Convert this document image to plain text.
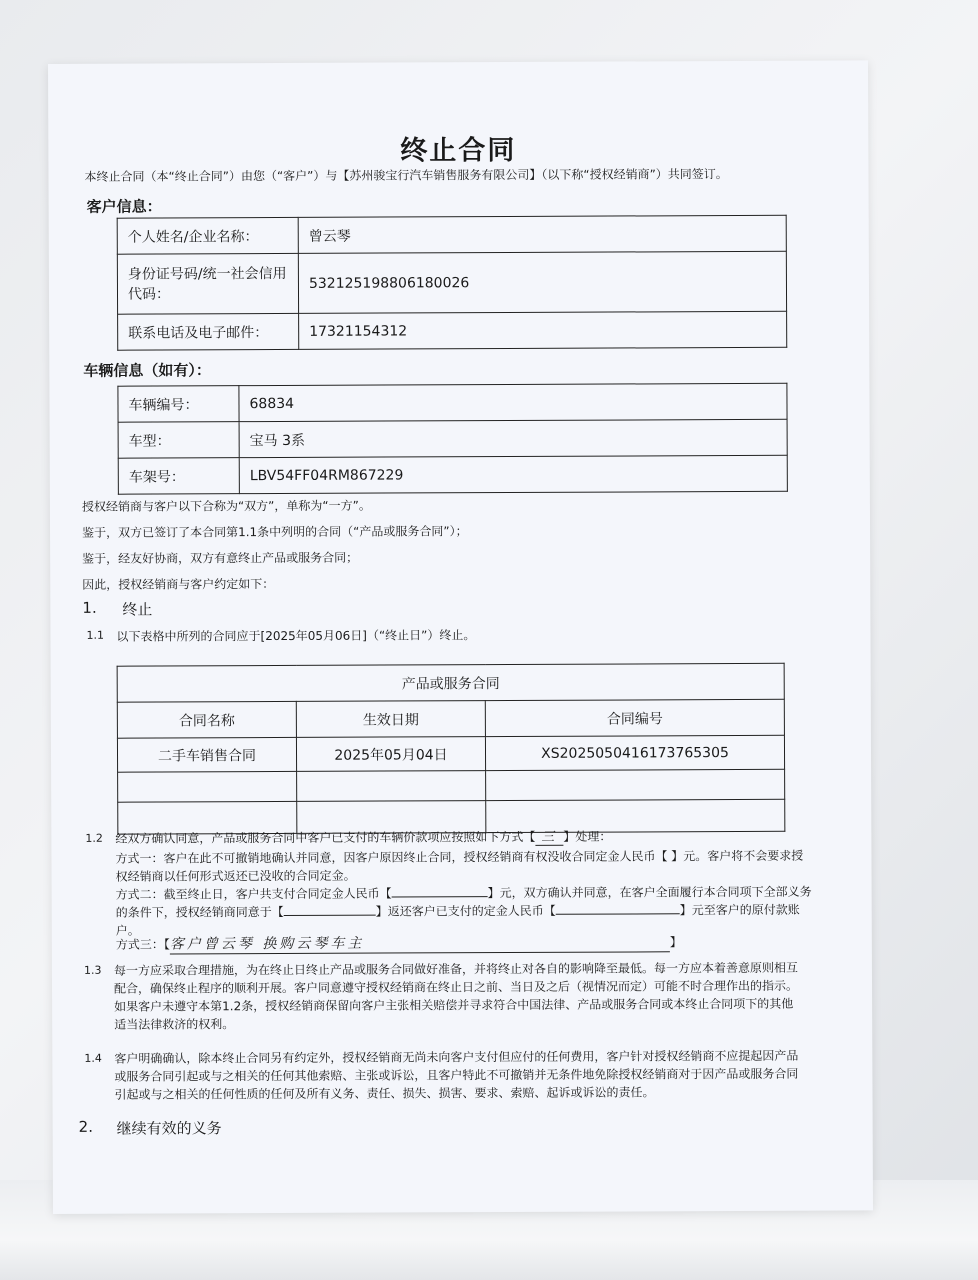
终止合同
本终止合同（本“终止合同”）由您（“客户”）与【苏州骏宝行汽车销售服务有限公司】（以下称“授权经销商”）共同签订。
客户信息：
个人姓名/企业名称：	曾云琴
身份证号码/统一社会信用代码：	532125198806180026
联系电话及电子邮件：	17321154312
车辆信息（如有）：
车辆编号：	68834
车型：	宝马 3系
车架号：	LBV54FF04RM867229
授权经销商与客户以下合称为“双方”，单称为“一方”。
鉴于，双方已签订了本合同第1.1条中列明的合同（“产品或服务合同”）；
鉴于，经友好协商，双方有意终止产品或服务合同；
因此，授权经销商与客户约定如下：
1. 终止
1.1 以下表格中所列的合同应于[2025年05月06日]（“终止日”）终止。
产品或服务合同		
合同名称	生效日期	合同编号
二手车销售合同	2025年05月04日	XS2025050416173765305

1.2 经双方确认同意，产品或服务合同中客户已支付的车辆价款项应按照如下方式【 三 】处理：
方式一：客户在此不可撤销地确认并同意，因客户原因终止合同，授权经销商有权没收合同定金人民币【 】元。客户将不会要求授
权经销商以任何形式返还已没收的合同定金。
方式二：截至终止日，客户共支付合同定金人民币【	】元，双方确认并同意，在客户全面履行本合同项下全部义务
的条件下，授权经销商同意于【	】返还客户已支付的定金人民币【	】元至客户的原付款账
户。
方式三：【客户曾云琴 换购云琴车主	】
1.3 每一方应采取合理措施，为在终止日终止产品或服务合同做好准备，并将终止对各自的影响降至最低。每一方应本着善意原则相互
配合，确保终止程序的顺利开展。客户同意遵守授权经销商在终止日之前、当日及之后（视情况而定）可能不时合理作出的指示。
如果客户未遵守本第1.2条，授权经销商保留向客户主张相关赔偿并寻求符合中国法律、产品或服务合同或本终止合同项下的其他
适当法律救济的权利。
1.4 客户明确确认，除本终止合同另有约定外，授权经销商无尚未向客户支付但应付的任何费用，客户针对授权经销商不应提起因产品
或服务合同引起或与之相关的任何其他索赔、主张或诉讼，且客户特此不可撤销并无条件地免除授权经销商对于因产品或服务合同
引起或与之相关的任何性质的任何及所有义务、责任、损失、损害、要求、索赔、起诉或诉讼的责任。
2. 继续有效的义务
